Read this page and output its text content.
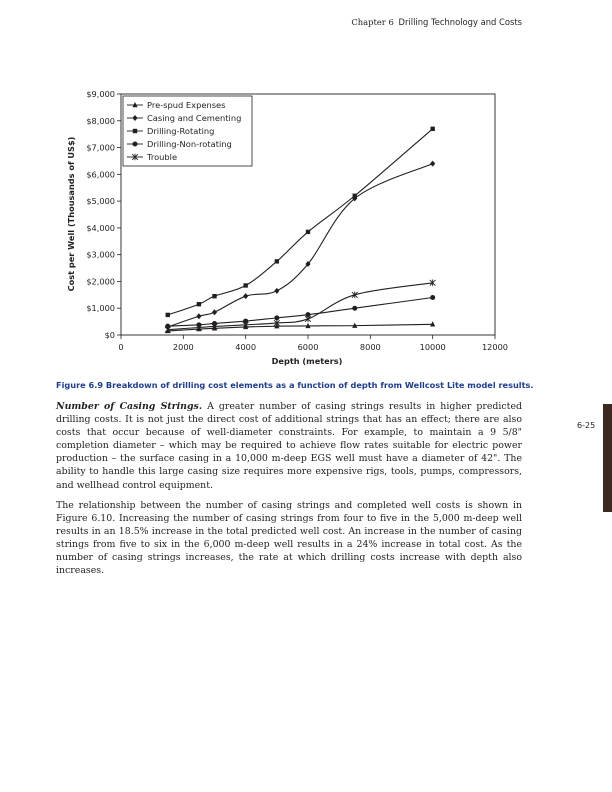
Chapter 6 Drilling Technology and Costs
6-25
$0
$1,000
$2,000
$3,000
$4,000
$5,000
$6,000
$7,000
$8,000
$9,000
0	2000	4000	6000	8000	10000	12000
Pre-spud Expenses
Casing and Cementing
Drilling-Rotating
Drilling-Non-rotating
Trouble
Depth (meters)
Cost per Well (Thousands of US$)
Figure 6.9 Breakdown of drilling cost elements as a function of depth from Wellcost Lite model results.
Number of Casing Strings. A greater number of casing strings results in higher predicted drilling costs. It is not just the direct cost of additional strings that has an effect; there are also costs that occur because of well-diameter constraints. For example, to maintain a 9 5/8" completion diameter – which may be required to achieve flow rates suitable for electric power production – the surface casing in a 10,000 m-deep EGS well must have a diameter of 42". The ability to handle this large casing size requires more expensive rigs, tools, pumps, compressors, and wellhead control equipment.
The relationship between the number of casing strings and completed well costs is shown in Figure 6.10. Increasing the number of casing strings from four to five in the 5,000 m-deep well results in an 18.5% increase in the total predicted well cost. An increase in the number of casing strings from five to six in the 6,000 m-deep well results in a 24% increase in total cost. As the number of casing strings increases, the rate at which drilling costs increase with depth also increases.
